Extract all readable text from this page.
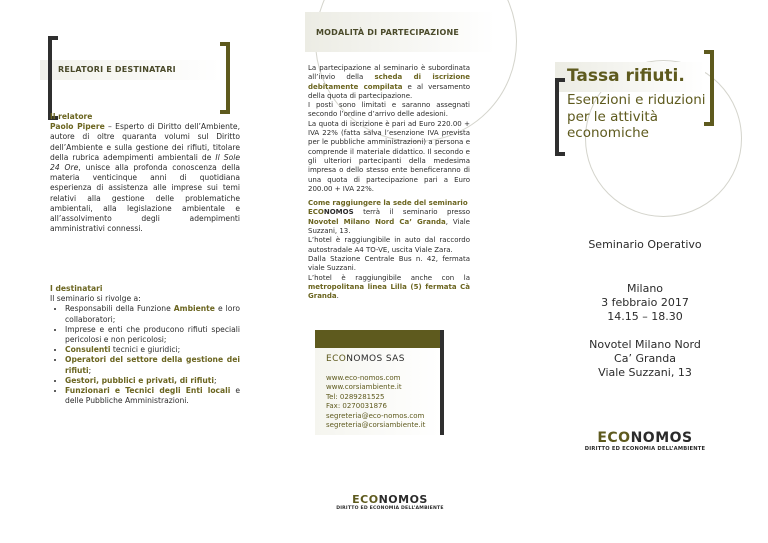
RELATORI E DESTINATARI
Il relatore
Paolo Pipere – Esperto di Diritto dell’Ambiente, autore di oltre quaranta volumi sul Diritto dell’Ambiente e sulla gestione dei rifiuti, titolare della rubrica adempimenti ambientali de Il Sole 24 Ore, unisce alla profonda conoscenza della materia venticinque anni di quotidiana esperienza di assistenza alle imprese sui temi relativi alla gestione delle problematiche ambientali, alla legislazione ambientale e all’assolvimento degli adempimenti amministrativi connessi.
I destinatari
Il seminario si rivolge a:
• Responsabili della Funzione Ambiente e loro collaboratori;
• Imprese e enti che producono rifiuti speciali pericolosi e non pericolosi;
• Consulenti tecnici e giuridici;
• Operatori del settore della gestione dei rifiuti;
• Gestori, pubblici e privati, di rifiuti;
• Funzionari e Tecnici degli Enti locali e delle Pubbliche Amministrazioni.
MODALITÀ DI PARTECIPAZIONE
La partecipazione al seminario è subordinata all’invio della scheda di iscrizione debitamente compilata e al versamento della quota di partecipazione.
I posti sono limitati e saranno assegnati secondo l’ordine d’arrivo delle adesioni.
La quota di iscrizione è pari ad Euro 220.00 + IVA 22% (fatta salva l’esenzione IVA prevista per le pubbliche amministrazioni) a persona e comprende il materiale didattico. Il secondo e gli ulteriori partecipanti della medesima impresa o dello stesso ente beneficeranno di una quota di partecipazione pari a Euro 200.00 + IVA 22%.
Come raggiungere la sede del seminario
ECONOMOS terrà il seminario presso Novotel Milano Nord Ca’ Granda, Viale Suzzani, 13.
L’hotel è raggiungibile in auto dal raccordo autostradale A4 TO-VE, uscita Viale Zara.
Dalla Stazione Centrale Bus n. 42, fermata viale Suzzani.
L’hotel è raggiungibile anche con la metropolitana linea Lilla (5) fermata Cà Granda.
ECONOMOS SAS
www.eco-nomos.com
www.corsiambiente.it
Tel: 0289281525
Fax: 0270031876
segreteria@eco-nomos.com
segreteria@corsiambiente.it
ECONOMOS
DIRITTO ED ECONOMIA DELL’AMBIENTE
Tassa rifiuti.
Esenzioni e riduzioni per le attività economiche
Seminario Operativo
Milano
3 febbraio 2017
14.15 – 18.30
Novotel Milano Nord
Ca’ Granda
Viale Suzzani, 13
ECONOMOS
DIRITTO ED ECONOMIA DELL’AMBIENTE
